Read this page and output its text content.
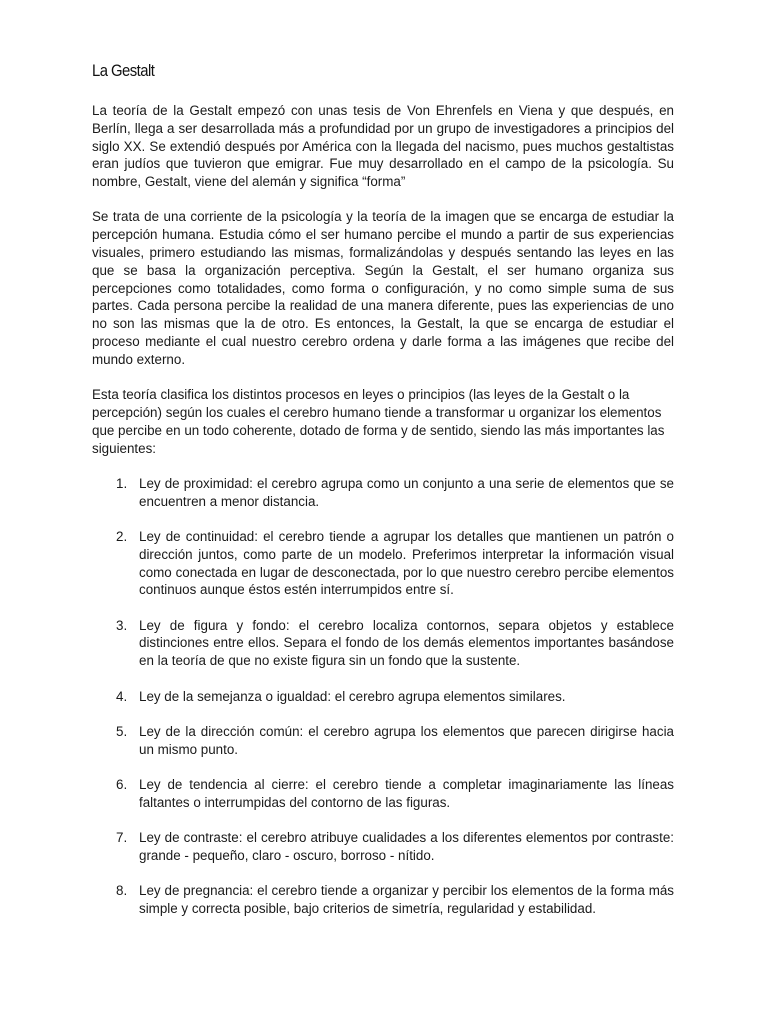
La Gestalt

La teoría de la Gestalt empezó con unas tesis de Von Ehrenfels en Viena y que después, en Berlín, llega a ser desarrollada más a profundidad por un grupo de investigadores a principios del siglo XX. Se extendió después por América con la llegada del nacismo, pues muchos gestaltistas eran judíos que tuvieron que emigrar. Fue muy desarrollado en el campo de la psicología. Su nombre, Gestalt, viene del alemán y significa “forma”

Se trata de una corriente de la psicología y la teoría de la imagen que se encarga de estudiar la percepción humana. Estudia cómo el ser humano percibe el mundo a partir de sus experiencias visuales, primero estudiando las mismas, formalizándolas y después sentando las leyes en las que se basa la organización perceptiva. Según la Gestalt, el ser humano organiza sus percepciones como totalidades, como forma o configuración, y no como simple suma de sus partes. Cada persona percibe la realidad de una manera diferente, pues las experiencias de uno no son las mismas que la de otro. Es entonces, la Gestalt, la que se encarga de estudiar el proceso mediante el cual nuestro cerebro ordena y darle forma a las imágenes que recibe del mundo externo.

Esta teoría clasifica los distintos procesos en leyes o principios (las leyes de la Gestalt o la percepción) según los cuales el cerebro humano tiende a transformar u organizar los elementos que percibe en un todo coherente, dotado de forma y de sentido, siendo las más importantes las siguientes:

1. Ley de proximidad: el cerebro agrupa como un conjunto a una serie de elementos que se encuentren a menor distancia.
2. Ley de continuidad: el cerebro tiende a agrupar los detalles que mantienen un patrón o dirección juntos, como parte de un modelo. Preferimos interpretar la información visual como conectada en lugar de desconectada, por lo que nuestro cerebro percibe elementos continuos aunque éstos estén interrumpidos entre sí.
3. Ley de figura y fondo: el cerebro localiza contornos, separa objetos y establece distinciones entre ellos. Separa el fondo de los demás elementos importantes basándose en la teoría de que no existe figura sin un fondo que la sustente.
4. Ley de la semejanza o igualdad: el cerebro agrupa elementos similares.
5. Ley de la dirección común: el cerebro agrupa los elementos que parecen dirigirse hacia un mismo punto.
6. Ley de tendencia al cierre: el cerebro tiende a completar imaginariamente las líneas faltantes o interrumpidas del contorno de las figuras.
7. Ley de contraste: el cerebro atribuye cualidades a los diferentes elementos por contraste: grande - pequeño, claro - oscuro, borroso - nítido.
8. Ley de pregnancia: el cerebro tiende a organizar y percibir los elementos de la forma más simple y correcta posible, bajo criterios de simetría, regularidad y estabilidad.
